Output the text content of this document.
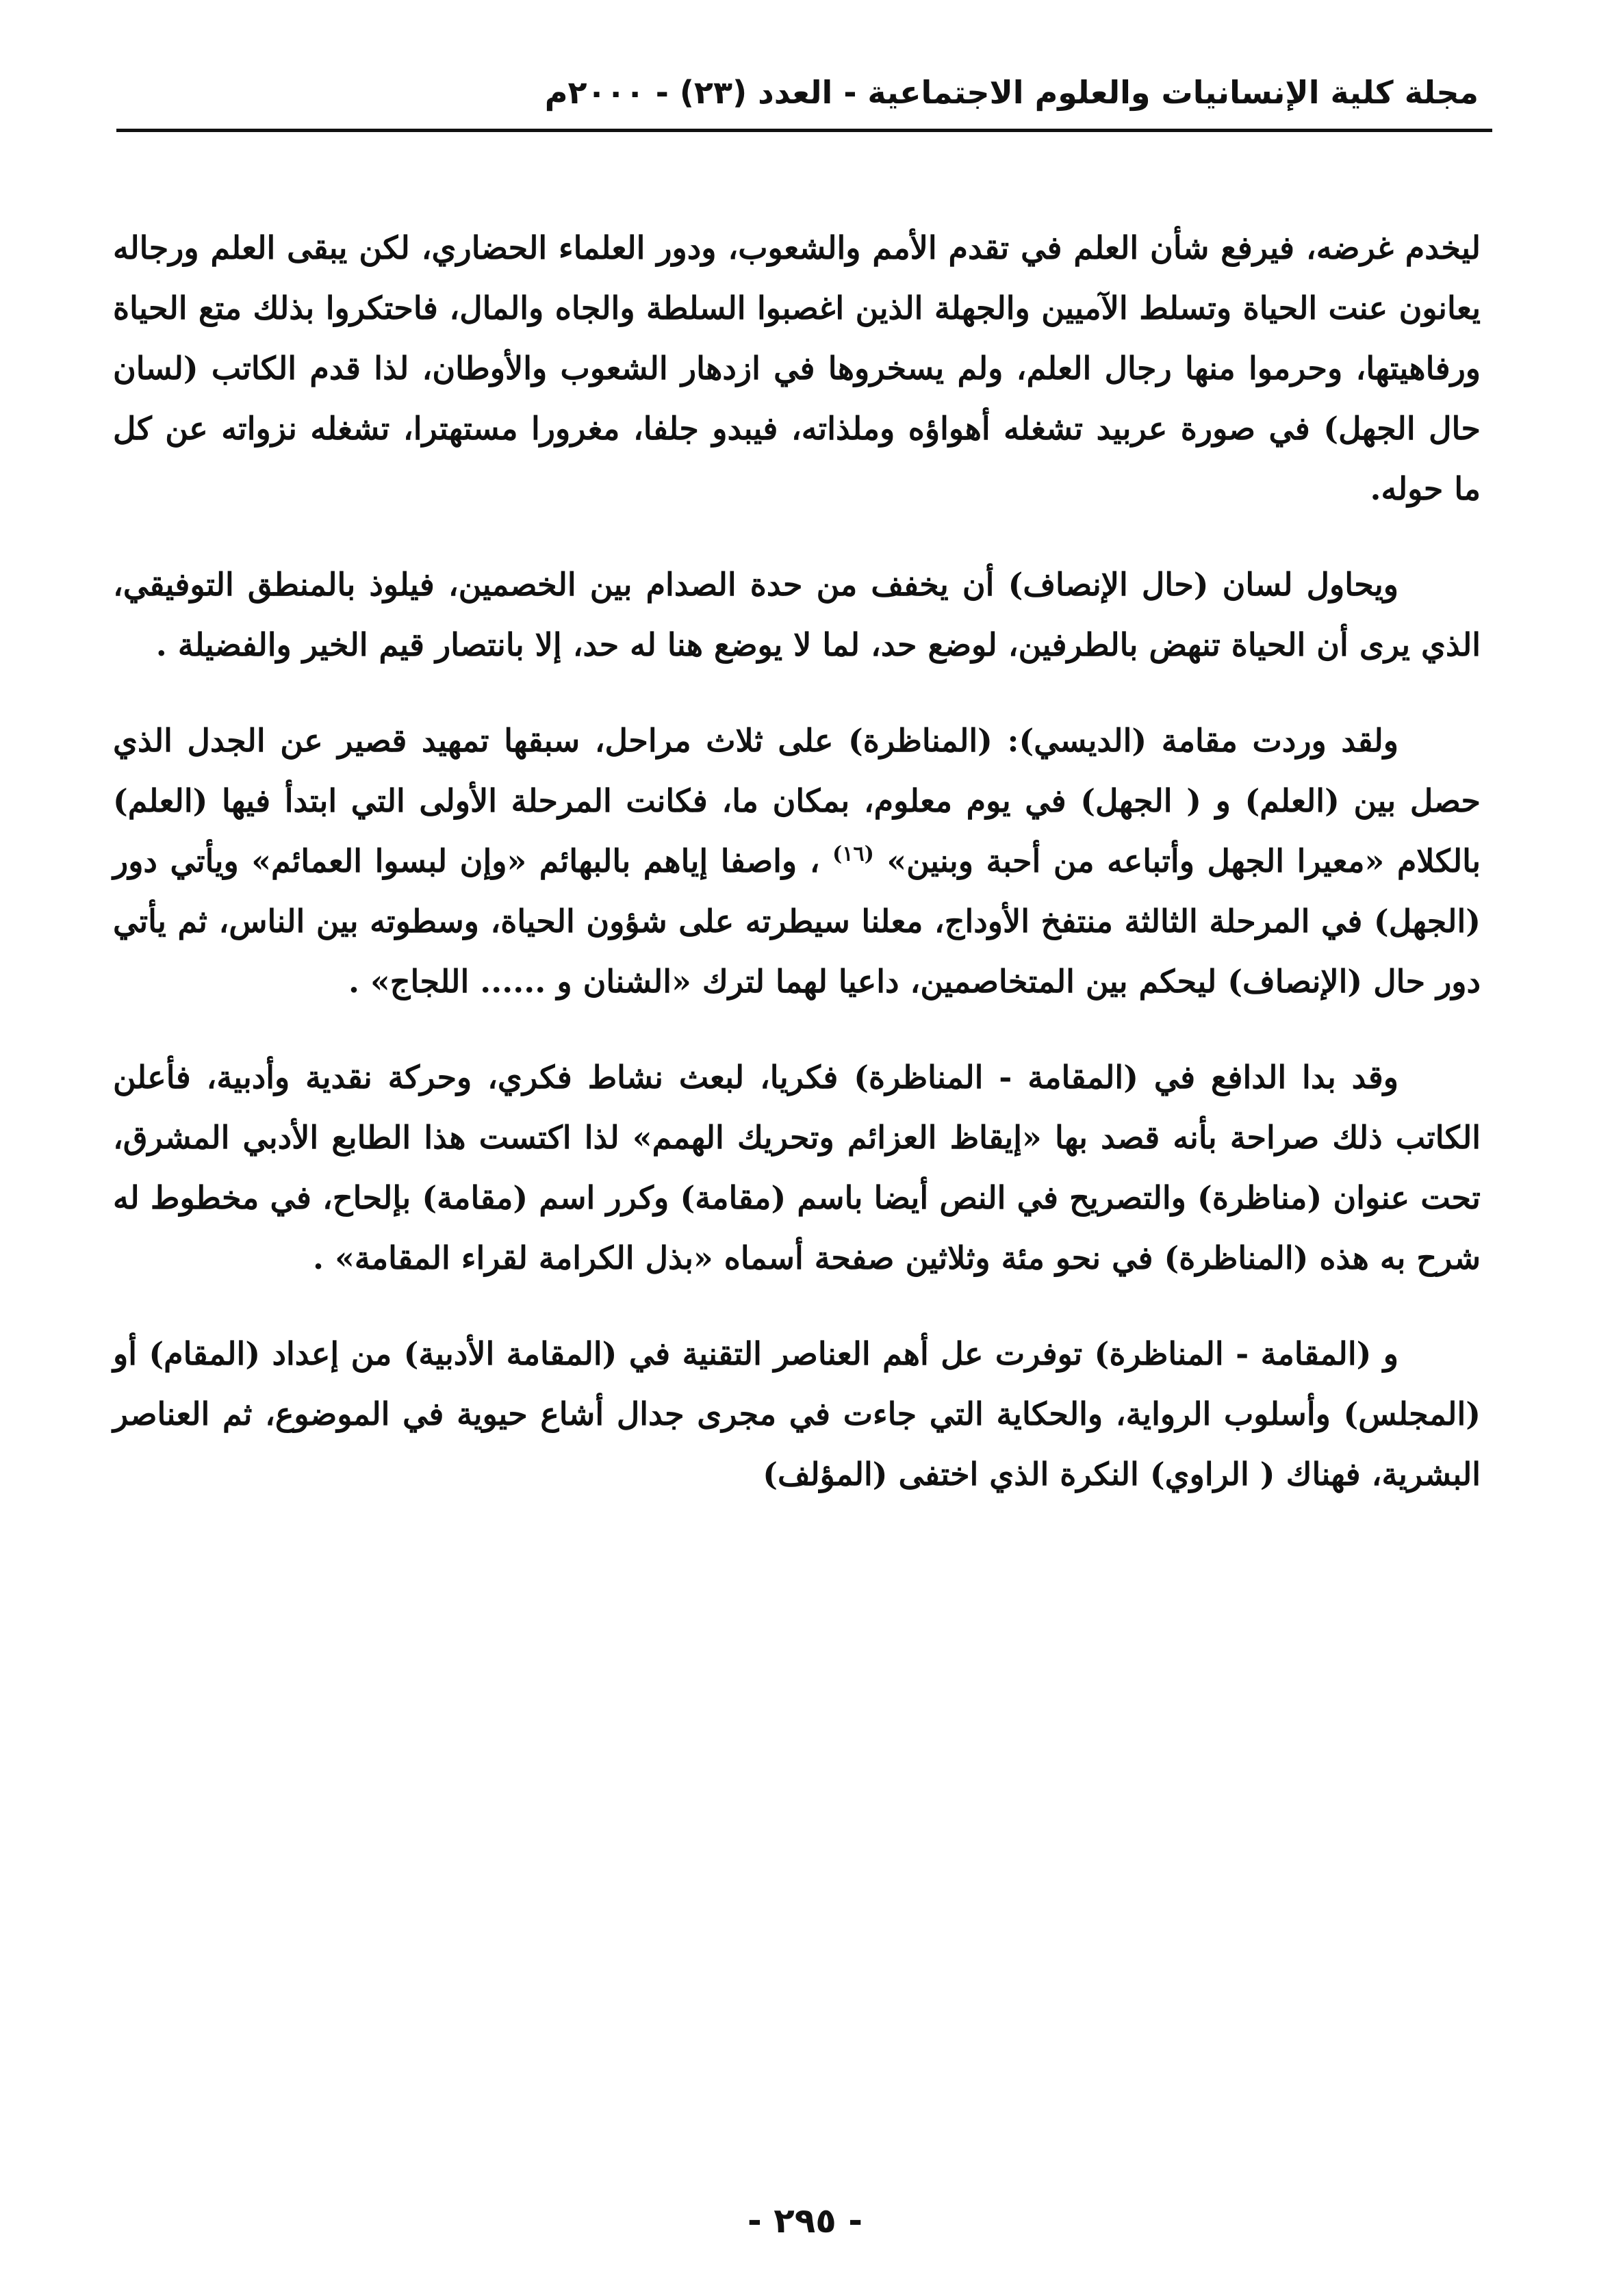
مجلة كلية الإنسانيات والعلوم الاجتماعية - العدد (٢٣) - ٢٠٠٠م

ليخدم غرضه، فيرفع شأن العلم في تقدم الأمم والشعوب، ودور العلماء الحضاري، لكن يبقى العلم ورجاله يعانون عنت الحياة وتسلط الآميين والجهلة الذين اغصبوا السلطة والجاه والمال، فاحتكروا بذلك متع الحياة ورفاهيتها، وحرموا منها رجال العلم، ولم يسخروها في ازدهار الشعوب والأوطان، لذا قدم الكاتب (لسان حال الجهل) في صورة عربيد تشغله أهواؤه وملذاته، فيبدو جلفا، مغرورا مستهترا، تشغله نزواته عن كل ما حوله.

ويحاول لسان (حال الإنصاف) أن يخفف من حدة الصدام بين الخصمين، فيلوذ بالمنطق التوفيقي، الذي يرى أن الحياة تنهض بالطرفين، لوضع حد، لما لا يوضع هنا له حد، إلا بانتصار قيم الخير والفضيلة .

ولقد وردت مقامة (الديسي): (المناظرة) على ثلاث مراحل، سبقها تمهيد قصير عن الجدل الذي حصل بين (العلم) و ( الجهل) في يوم معلوم، بمكان ما، فكانت المرحلة الأولى التي ابتدأ فيها (العلم) بالكلام «معيرا الجهل وأتباعه من أحبة وبنين» $^{(١٦)}$ ، واصفا إياهم بالبهائم «وإن لبسوا العمائم» ويأتي دور (الجهل) في المرحلة الثالثة منتفخ الأوداج، معلنا سيطرته على شؤون الحياة، وسطوته بين الناس، ثم يأتي دور حال (الإنصاف) ليحكم بين المتخاصمين، داعيا لهما لترك «الشنان و ...... اللجاج» .

وقد بدا الدافع في (المقامة - المناظرة) فكريا، لبعث نشاط فكري، وحركة نقدية وأدبية، فأعلن الكاتب ذلك صراحة بأنه قصد بها «إيقاظ العزائم وتحريك الهمم» لذا اكتست هذا الطابع الأدبي المشرق، تحت عنوان (مناظرة) والتصريح في النص أيضا باسم (مقامة) وكرر اسم (مقامة) بإلحاح، في مخطوط له شرح به هذه (المناظرة) في نحو مئة وثلاثين صفحة أسماه «بذل الكرامة لقراء المقامة» .

و (المقامة - المناظرة) توفرت عل أهم العناصر التقنية في (المقامة الأدبية) من إعداد (المقام) أو (المجلس) وأسلوب الرواية، والحكاية التي جاءت في مجرى جدال أشاع حيوية في الموضوع، ثم العناصر البشرية، فهناك ( الراوي) النكرة الذي اختفى (المؤلف)

- ٢٩٥ -
